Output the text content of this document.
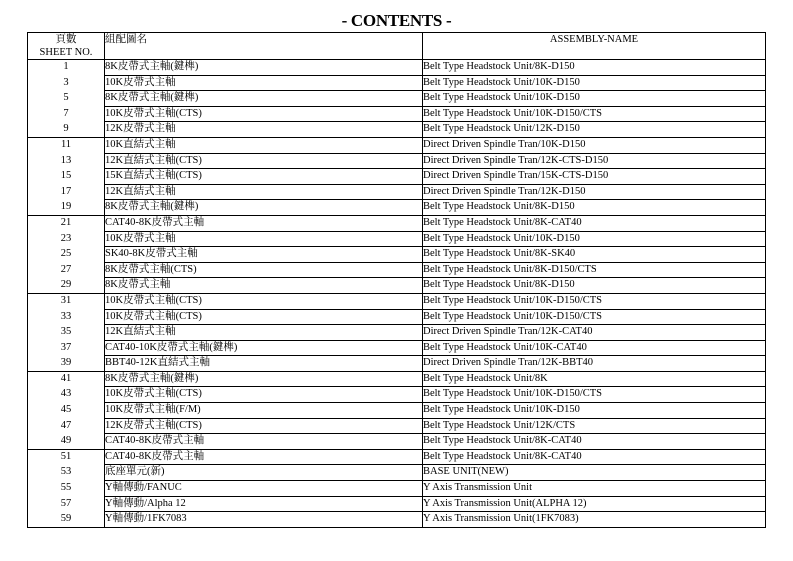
- CONTENTS -
頁數
SHEET NO.	組配圖名	ASSEMBLY-NAME

1	8K皮帶式主軸(鍵榫)	Belt Type Headstock Unit/8K-D150
3	10K皮帶式主軸	Belt Type Headstock Unit/10K-D150
5	8K皮帶式主軸(鍵榫)	Belt Type Headstock Unit/10K-D150
7	10K皮帶式主軸(CTS)	Belt Type Headstock Unit/10K-D150/CTS
9	12K皮帶式主軸	Belt Type Headstock Unit/12K-D150
11	10K直結式主軸	Direct Driven Spindle Tran/10K-D150
13	12K直結式主軸(CTS)	Direct Driven Spindle Tran/12K-CTS-D150
15	15K直結式主軸(CTS)	Direct Driven Spindle Tran/15K-CTS-D150
17	12K直結式主軸	Direct Driven Spindle Tran/12K-D150
19	8K皮帶式主軸(鍵榫)	Belt Type Headstock Unit/8K-D150
21	CAT40-8K皮帶式主軸	Belt Type Headstock Unit/8K-CAT40
23	10K皮帶式主軸	Belt Type Headstock Unit/10K-D150
25	SK40-8K皮帶式主軸	Belt Type Headstock Unit/8K-SK40
27	8K皮帶式主軸(CTS)	Belt Type Headstock Unit/8K-D150/CTS
29	8K皮帶式主軸	Belt Type Headstock Unit/8K-D150
31	10K皮帶式主軸(CTS)	Belt Type Headstock Unit/10K-D150/CTS
33	10K皮帶式主軸(CTS)	Belt Type Headstock Unit/10K-D150/CTS
35	12K直結式主軸	Direct Driven Spindle Tran/12K-CAT40
37	CAT40-10K皮帶式主軸(鍵榫)	Belt Type Headstock Unit/10K-CAT40
39	BBT40-12K直結式主軸	Direct Driven Spindle Tran/12K-BBT40
41	8K皮帶式主軸(鍵榫)	Belt Type Headstock Unit/8K
43	10K皮帶式主軸(CTS)	Belt Type Headstock Unit/10K-D150/CTS
45	10K皮帶式主軸(F/M)	Belt Type Headstock Unit/10K-D150
47	12K皮帶式主軸(CTS)	Belt Type Headstock Unit/12K/CTS
49	CAT40-8K皮帶式主軸	Belt Type Headstock Unit/8K-CAT40
51	CAT40-8K皮帶式主軸	Belt Type Headstock Unit/8K-CAT40
53	底座單元(新)	BASE UNIT(NEW)
55	Y軸傳動/FANUC	Y Axis Transmission Unit
57	Y軸傳動/Alpha 12	Y Axis Transmission Unit(ALPHA 12)
59	Y軸傳動/1FK7083	Y Axis Transmission Unit(1FK7083)
